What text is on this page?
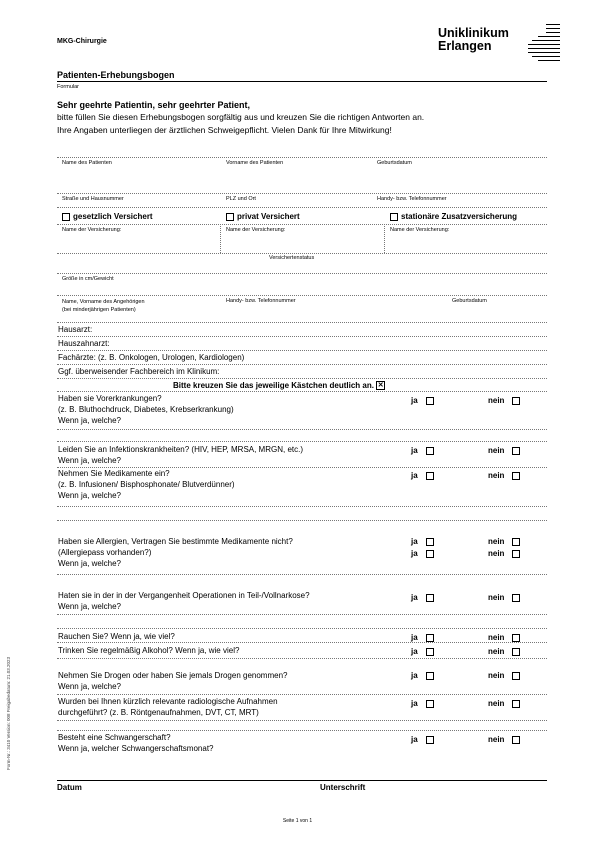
MKG-Chirurgie
Uniklinikum
Erlangen
Patienten-Erhebungsbogen
Formular
Sehr geehrte Patientin, sehr geehrter Patient,
bitte füllen Sie diesen Erhebungsbogen sorgfältig aus und kreuzen Sie die richtigen Antworten an.
Ihre Angaben unterliegen der ärztlichen Schweigepflicht. Vielen Dank für Ihre Mitwirkung!
Name des Patienten	Vorname des Patienten	Geburtsdatum
Straße und Hausnummer	PLZ und Ort	Handy- bzw. Telefonnummer
gesetzlich Versichert	privat Versichert	stationäre Zusatzversicherung
Name der Versicherung:	Name der Versicherung:	Name der Versicherung:
Versichertenstatus
Größe in cm/Gewicht
Name, Vorname des Angehörigen
(bei minderjährigen Patienten)
Handy- bzw. Telefonnummer	Geburtsdatum
Hausarzt:
Hauszahnarzt:
Fachärzte: (z. B. Onkologen, Urologen, Kardiologen)
Ggf. überweisender Fachbereich im Klinikum:
Bitte kreuzen Sie das jeweilige Kästchen deutlich an. ✕
Haben sie Vorerkrankungen?
(z. B. Bluthochdruck, Diabetes, Krebserkrankung)
Wenn ja, welche?
ja	nein
Leiden Sie an Infektionskrankheiten? (HIV, HEP, MRSA, MRGN, etc.)
Wenn ja, welche?
ja	nein
Nehmen Sie Medikamente ein?
(z. B. Infusionen/ Bisphosphonate/ Blutverdünner)
Wenn ja, welche?
ja	nein
Haben sie Allergien, Vertragen Sie bestimmte Medikamente nicht?
(Allergiepass vorhanden?)
Wenn ja, welche?
ja	nein
ja	nein
Haten sie in der in der Vergangenheit Operationen in Teil-/Vollnarkose?
Wenn ja, welche?
ja	nein
Rauchen Sie? Wenn ja, wie viel?	ja	nein
Trinken Sie regelmäßig Alkohol? Wenn ja, wie viel?	ja	nein
Nehmen Sie Drogen oder haben Sie jemals Drogen genommen?
Wenn ja, welche?
ja	nein
Wurden bei Ihnen kürzlich relevante radiologische Aufnahmen
durchgeführt? (z. B. Röntgenaufnahmen, DVT, CT, MRT)
ja	nein
Besteht eine Schwangerschaft?
Wenn ja, welcher Schwangerschaftsmonat?
ja	nein
Datum	Unterschrift
Form-Nr.: 3410 Version: 008 Freigabedatum: 21.03.2023
Seite 1 von 1
